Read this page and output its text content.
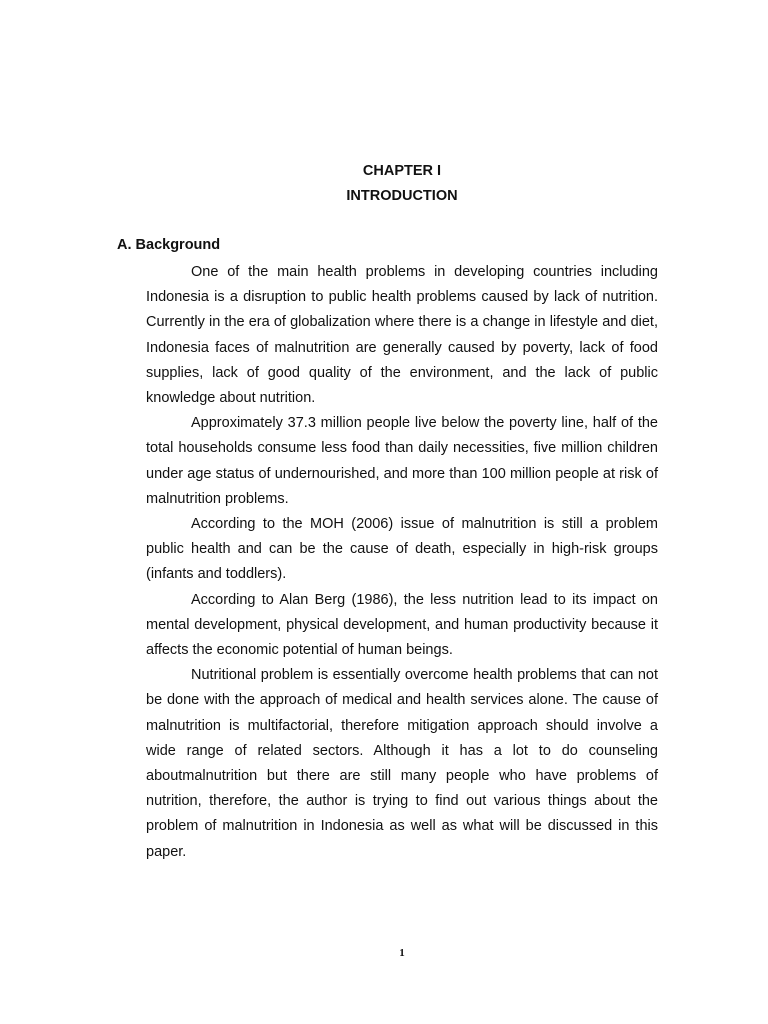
CHAPTER I
INTRODUCTION
A. Background

One of the main health problems in developing countries including Indonesia is a disruption to public health problems caused by lack of nutrition. Currently in the era of globalization where there is a change in lifestyle and diet, Indonesia faces of malnutrition are generally caused by poverty, lack of food supplies, lack of good quality of the environment, and the lack of public knowledge about nutrition.

Approximately 37.3 million people live below the poverty line, half of the total households consume less food than daily necessities, five million children under age status of undernourished, and more than 100 million people at risk of malnutrition problems.

According to the MOH (2006) issue of malnutrition is still a problem public health and can be the cause of death, especially in high-risk groups (infants and toddlers).

According to Alan Berg (1986), the less nutrition lead to its impact on mental development, physical development, and human productivity because it affects the economic potential of human beings.

Nutritional problem is essentially overcome health problems that can not be done with the approach of medical and health services alone. The cause of malnutrition is multifactorial, therefore mitigation approach should involve a wide range of related sectors. Although it has a lot to do counseling aboutmalnutrition but there are still many people who have problems of nutrition, therefore, the author is trying to find out various things about the problem of malnutrition in Indonesia as well as what will be discussed in this paper.

1
